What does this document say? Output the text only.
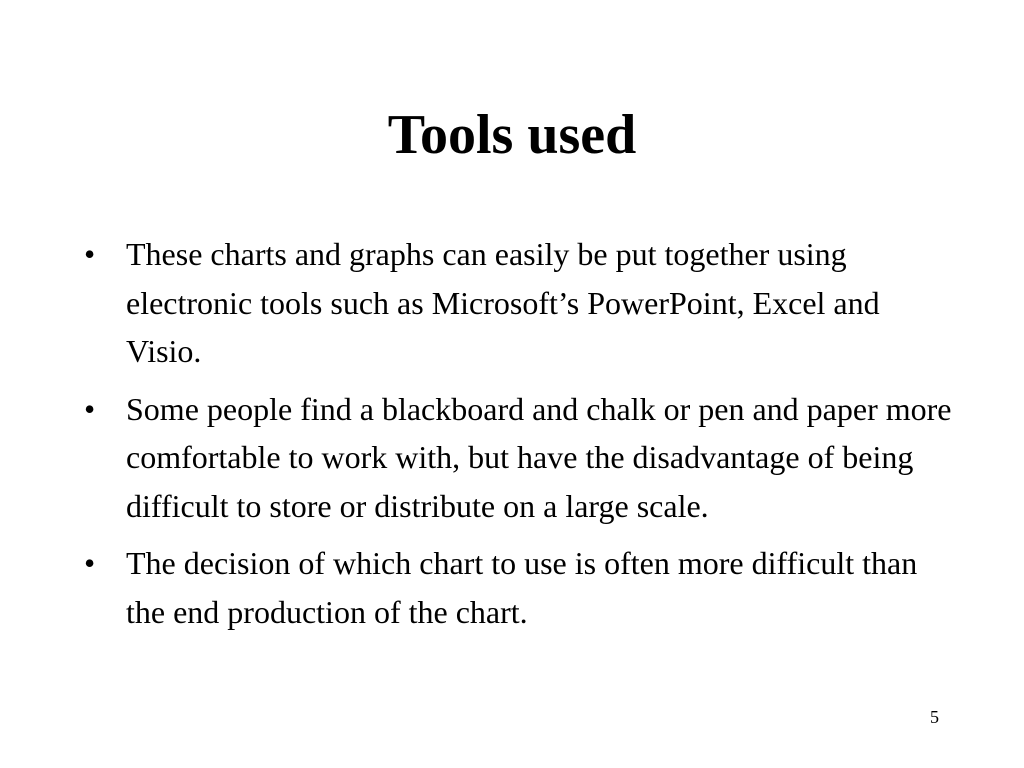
Tools used
• These charts and graphs can easily be put together using electronic tools such as Microsoft’s PowerPoint, Excel and Visio.
• Some people find a blackboard and chalk or pen and paper more comfortable to work with, but have the disadvantage of being difficult to store or distribute on a large scale.
• The decision of which chart to use is often more difficult than the end production of the chart.
5
